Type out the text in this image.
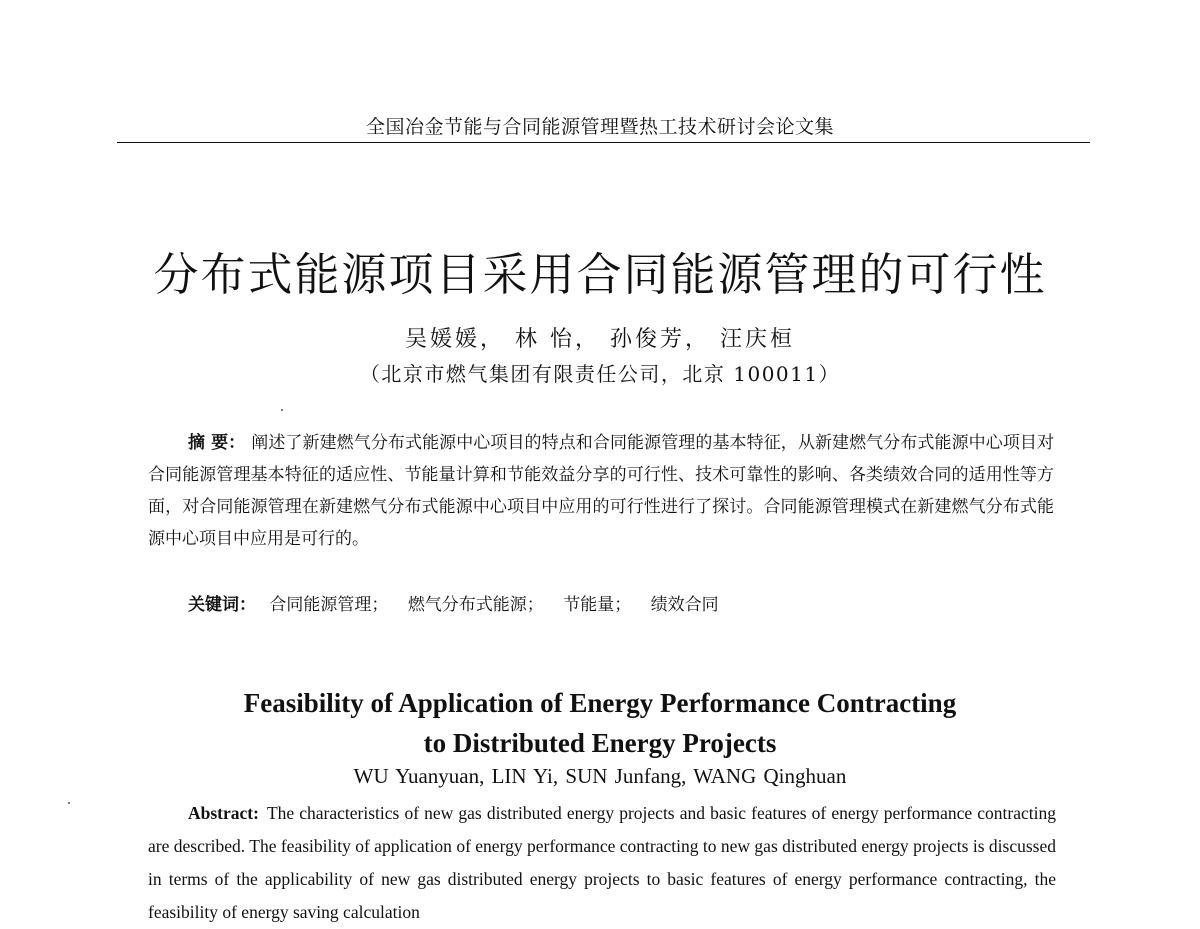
全国冶金节能与合同能源管理暨热工技术研讨会论文集
分布式能源项目采用合同能源管理的可行性
吴媛媛， 林 怡， 孙俊芳， 汪庆桓
（北京市燃气集团有限责任公司，北京 100011）
摘 要： 阐述了新建燃气分布式能源中心项目的特点和合同能源管理的基本特征，从新建燃气分布式能源中心项目对合同能源管理基本特征的适应性、节能量计算和节能效益分享的可行性、技术可靠性的影响、各类绩效合同的适用性等方面，对合同能源管理在新建燃气分布式能源中心项目中应用的可行性进行了探讨。合同能源管理模式在新建燃气分布式能源中心项目中应用是可行的。
关键词： 合同能源管理； 燃气分布式能源； 节能量； 绩效合同
Feasibility of Application of Energy Performance Contracting
to Distributed Energy Projects
WU Yuanyuan, LIN Yi, SUN Junfang, WANG Qinghuan
Abstract: The characteristics of new gas distributed energy projects and basic features of energy performance contracting are described. The feasibility of application of energy performance contracting to new gas distributed energy projects is discussed in terms of the applicability of new gas distributed energy projects to basic features of energy performance contracting, the feasibility of energy saving calculation
